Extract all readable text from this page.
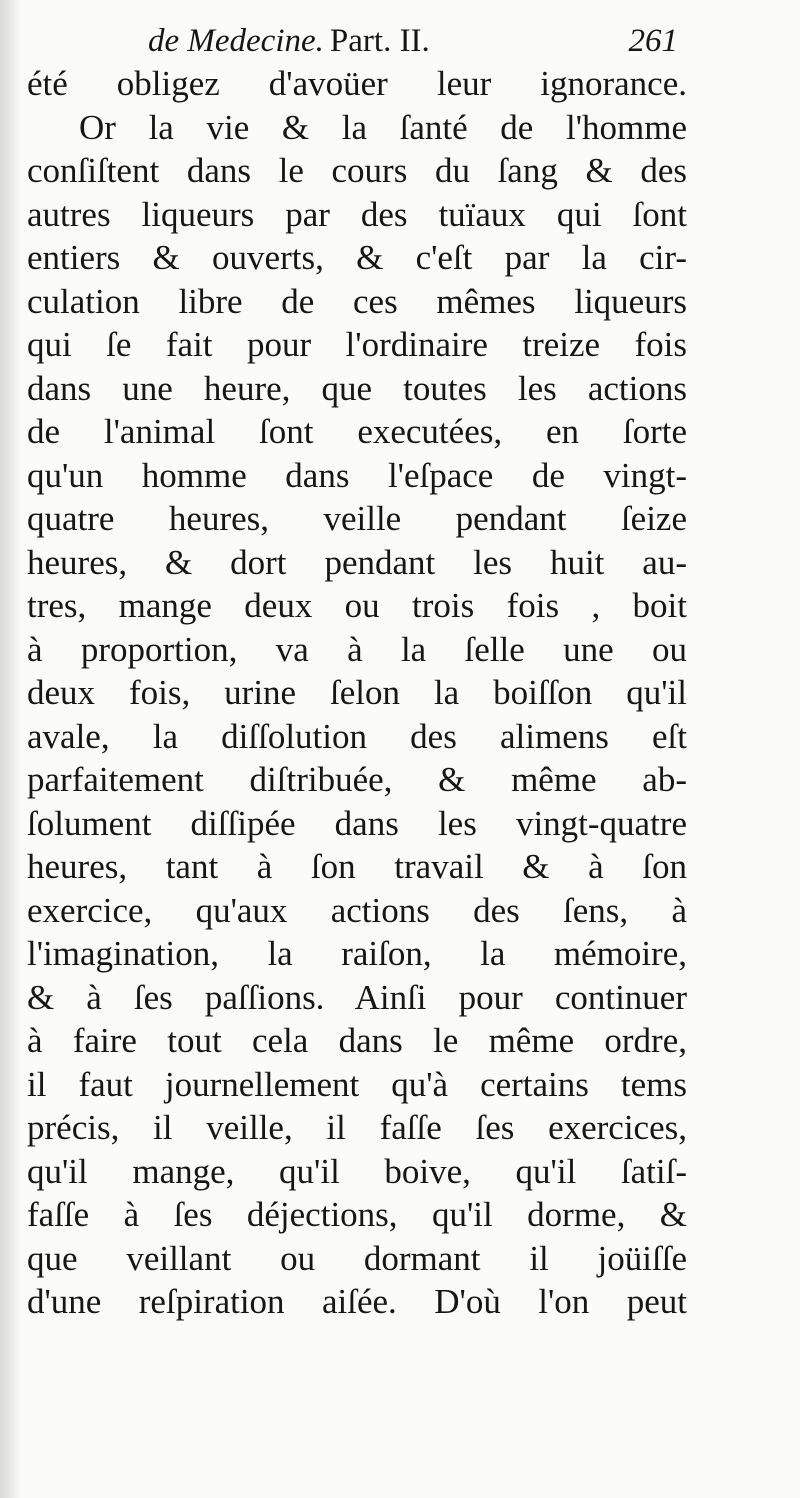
de Medecine. Part. II.	261
été obligez d'avoüer leur ignorance.
Or la vie & la ſanté de l'homme
conſiſtent dans le cours du ſang & des
autres liqueurs par des tuïaux qui ſont
entiers & ouverts, & c'eſt par la cir-
culation libre de ces mêmes liqueurs
qui ſe fait pour l'ordinaire treize fois
dans une heure, que toutes les actions
de l'animal ſont executées, en ſorte
qu'un homme dans l'eſpace de vingt-
quatre heures, veille pendant ſeize
heures, & dort pendant les huit au-
tres, mange deux ou trois fois , boit
à proportion, va à la ſelle une ou
deux fois, urine ſelon la boiſſon qu'il
avale, la diſſolution des alimens eſt
parfaitement diſtribuée, & même ab-
ſolument diſſipée dans les vingt-quatre
heures, tant à ſon travail & à ſon
exercice, qu'aux actions des ſens, à
l'imagination, la raiſon, la mémoire,
& à ſes paſſions. Ainſi pour continuer
à faire tout cela dans le même ordre,
il faut journellement qu'à certains tems
précis, il veille, il faſſe ſes exercices,
qu'il mange, qu'il boive, qu'il ſatiſ-
faſſe à ſes déjections, qu'il dorme, &
que veillant ou dormant il joüiſſe
d'une reſpiration aiſée. D'où l'on peut
